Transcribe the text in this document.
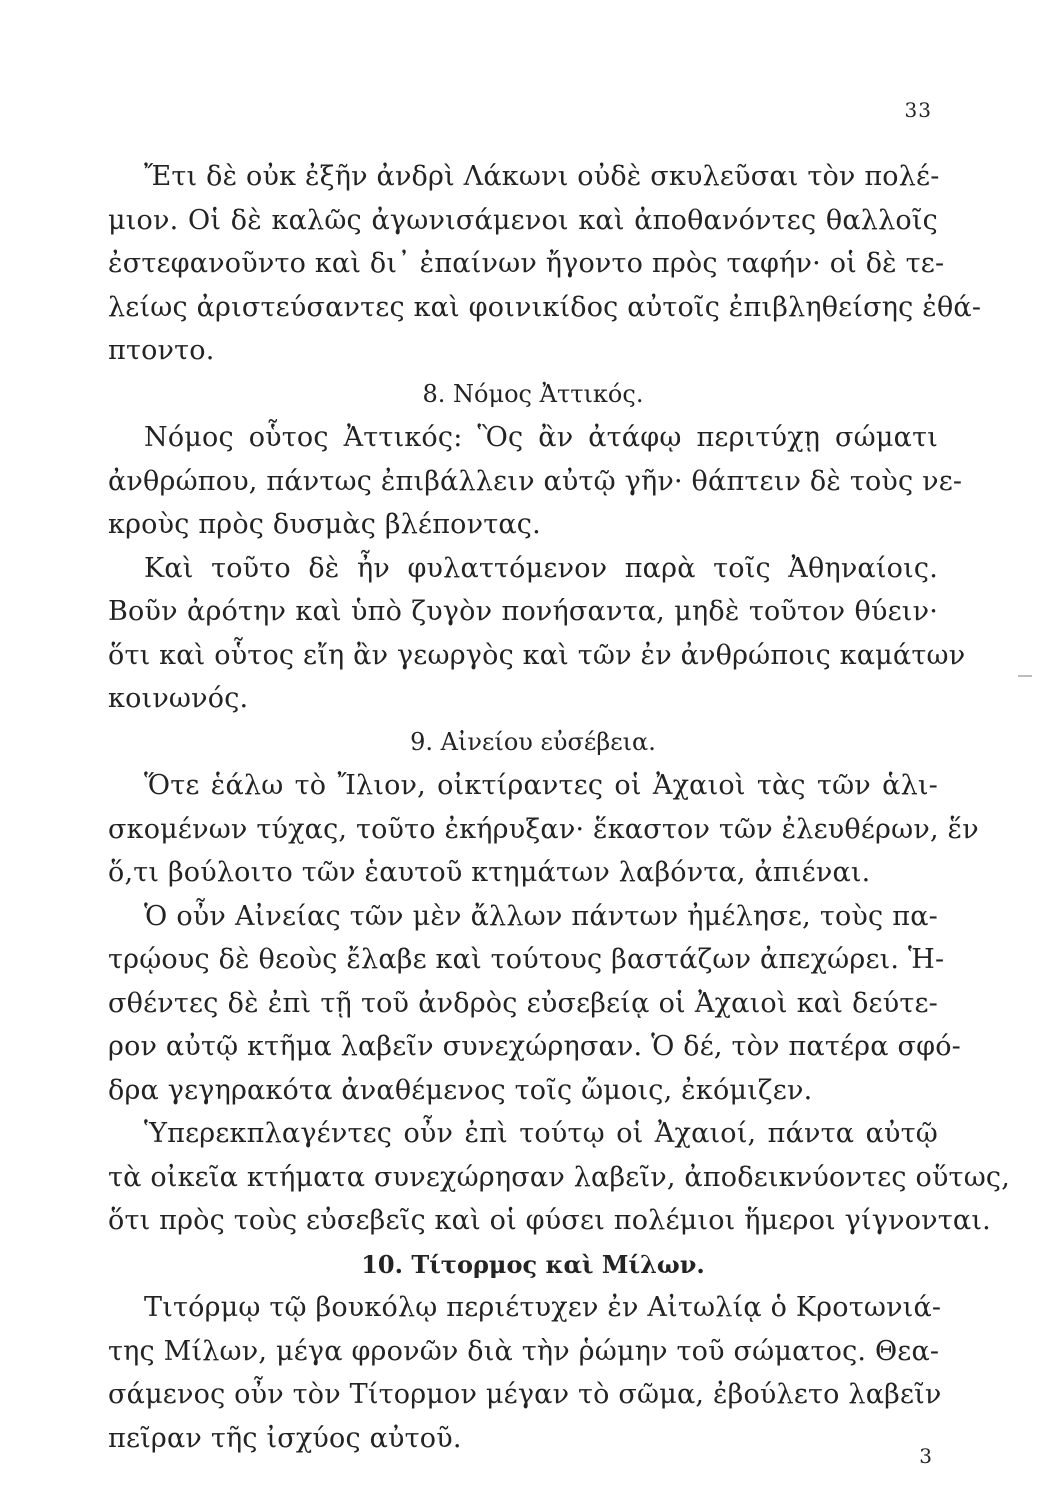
33
Ἔτι δὲ οὐκ ἐξῆν ἀνδρὶ Λάκωνι οὐδὲ σκυλεῦσαι τὸν πολέ-
μιον. Οἱ δὲ καλῶς ἀγωνισάμενοι καὶ ἀποθανόντες θαλλοῖς
ἐστεφανοῦντο καὶ δι᾽ ἐπαίνων ἤγοντο πρὸς ταφήν· οἱ δὲ τε-
λείως ἀριστεύσαντες καὶ φοινικίδος αὐτοῖς ἐπιβληθείσης ἐθά-
πτοντο.
8. Νόμος Ἀττικός.
Νόμος οὗτος Ἀττικός: Ὃς ἂν ἀτάφῳ περιτύχῃ σώματι
ἀνθρώπου, πάντως ἐπιβάλλειν αὐτῷ γῆν· θάπτειν δὲ τοὺς νε-
κροὺς πρὸς δυσμὰς βλέποντας.
Καὶ τοῦτο δὲ ἦν φυλαττόμενον παρὰ τοῖς Ἀθηναίοις.
Βοῦν ἀρότην καὶ ὑπὸ ζυγὸν πονήσαντα, μηδὲ τοῦτον θύειν·
ὅτι καὶ οὗτος εἴη ἂν γεωργὸς καὶ τῶν ἐν ἀνθρώποις καμάτων
κοινωνός.
9. Αἰνείου εὐσέβεια.
Ὅτε ἑάλω τὸ Ἴλιον, οἰκτίραντες οἱ Ἀχαιοὶ τὰς τῶν ἁλι-
σκομένων τύχας, τοῦτο ἐκήρυξαν· ἕκαστον τῶν ἐλευθέρων, ἕν
ὅ,τι βούλοιτο τῶν ἑαυτοῦ κτημάτων λαβόντα, ἀπιέναι.
Ὁ οὖν Αἰνείας τῶν μὲν ἄλλων πάντων ἠμέλησε, τοὺς πα-
τρῴους δὲ θεοὺς ἔλαβε καὶ τούτους βαστάζων ἀπεχώρει. Ἡ-
σθέντες δὲ ἐπὶ τῇ τοῦ ἀνδρὸς εὐσεβείᾳ οἱ Ἀχαιοὶ καὶ δεύτε-
ρον αὐτῷ κτῆμα λαβεῖν συνεχώρησαν. Ὁ δέ, τὸν πατέρα σφό-
δρα γεγηρακότα ἀναθέμενος τοῖς ὤμοις, ἐκόμιζεν.
Ὑπερεκπλαγέντες οὖν ἐπὶ τούτῳ οἱ Ἀχαιοί, πάντα αὐτῷ
τὰ οἰκεῖα κτήματα συνεχώρησαν λαβεῖν, ἀποδεικνύοντες οὕτως,
ὅτι πρὸς τοὺς εὐσεβεῖς καὶ οἱ φύσει πολέμιοι ἥμεροι γίγνονται.
10. Τίτορμος καὶ Μίλων.
Τιτόρμῳ τῷ βουκόλῳ περιέτυχεν ἐν Αἰτωλίᾳ ὁ Κροτωνιά-
της Μίλων, μέγα φρονῶν διὰ τὴν ῥώμην τοῦ σώματος. Θεα-
σάμενος οὖν τὸν Τίτορμον μέγαν τὸ σῶμα, ἐβούλετο λαβεῖν
πεῖραν τῆς ἰσχύος αὐτοῦ.
3
